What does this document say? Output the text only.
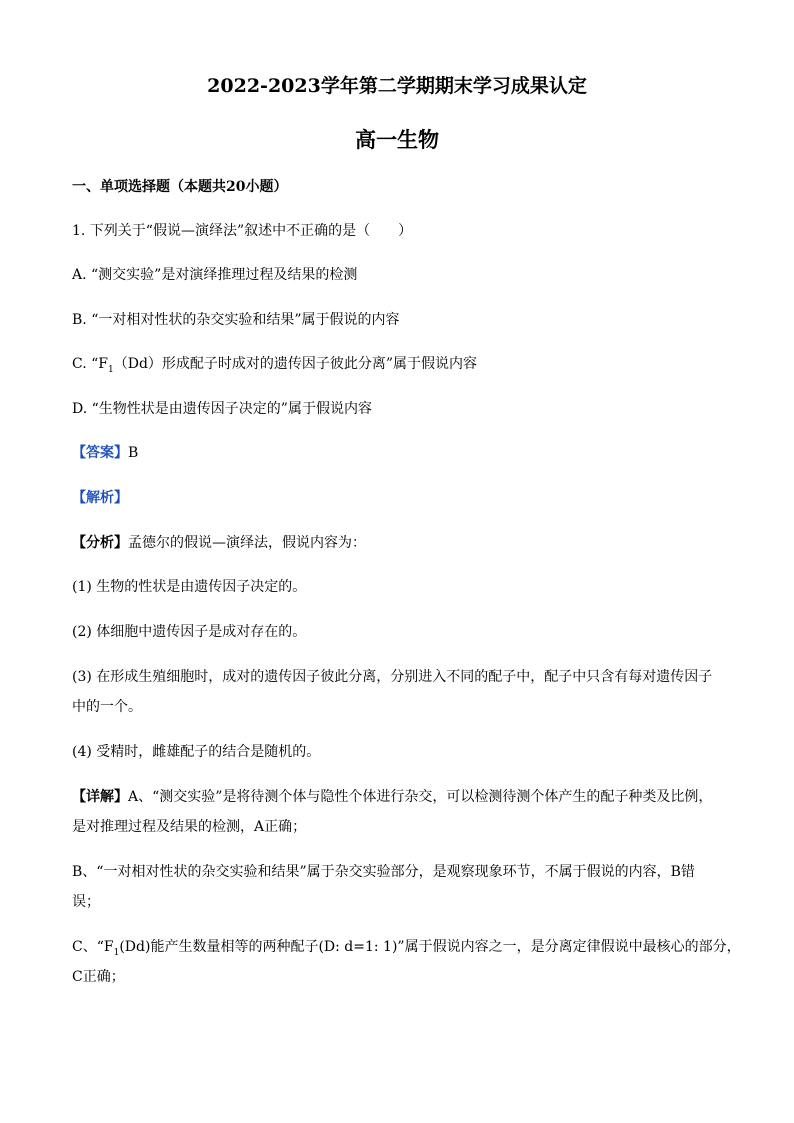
2022-2023学年第二学期期末学习成果认定
高一生物
一、单项选择题（本题共20小题）
1. 下列关于“假说—演绎法”叙述中不正确的是（　　）
A. “测交实验”是对演绎推理过程及结果的检测
B. “一对相对性状的杂交实验和结果”属于假说的内容
C. “$F_1(Dd)$形成配子时成对的遗传因子彼此分离”属于假说内容
D. “生物性状是由遗传因子决定的”属于假说内容
【答案】B
【解析】
【分析】孟德尔的假说—演绎法，假说内容为：
(1) 生物的性状是由遗传因子决定的。
(2) 体细胞中遗传因子是成对存在的。
(3) 在形成生殖细胞时，成对的遗传因子彼此分离，分别进入不同的配子中，配子中只含有每对遗传因子
中的一个。
(4) 受精时，雌雄配子的结合是随机的。
【详解】A、“测交实验”是将待测个体与隐性个体进行杂交，可以检测待测个体产生的配子种类及比例，
是对推理过程及结果的检测，A正确；
B、“一对相对性状的杂交实验和结果”属于杂交实验部分，是观察现象环节，不属于假说的内容，B错
误；
C、“$F_1(Dd)$能产生数量相等的两种配子(D: d=1: 1)”属于假说内容之一，是分离定律假说中最核心的部分，
C正确；
